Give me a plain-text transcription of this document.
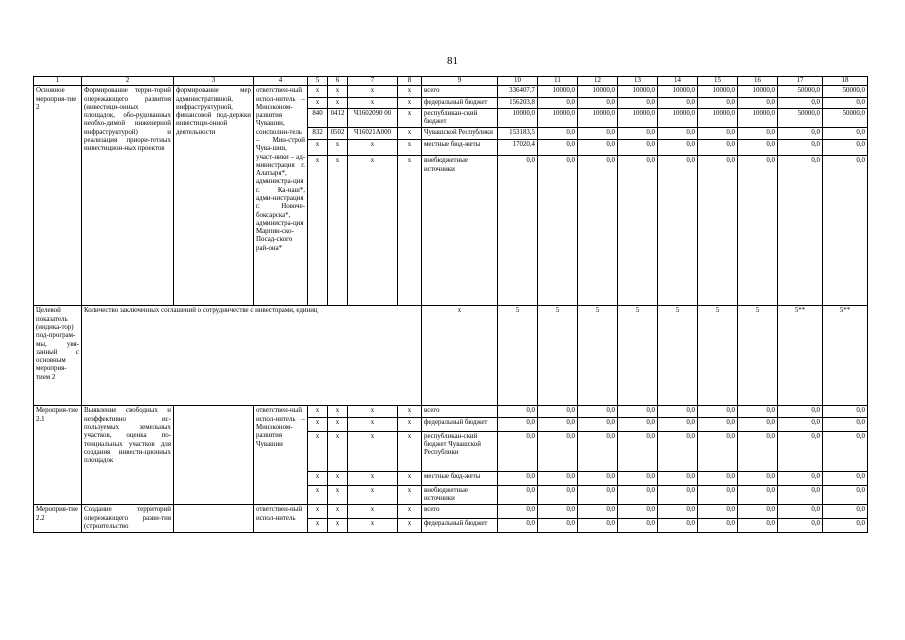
81
1	2	3	4	5	6	7	8	9	10	11	12	13	14	15	16	17	18
Основное мероприя-тие 2	Формирование терри-торий опережающего развития (инвестици-онных площадок, обо-рудованных необхо-димой инженерной инфраструктурой) и реализация приори-тетных инвестицион-ных проектов	формирование мер административной, инфраструктурной, финансовой под-держки инвестици-онной деятельности	ответствен-ный испол-нитель – Минэконом-развития Чувашии, соисполни-тель – Мин-строй Чува-шии, участ-ники – ад-министрация г. Алатыря*, администра-ция г. Ка-наш*, адми-нистрация г. Новоче-боксарска*, администра-ция Марпин-ско-Посад-ского рай-она*	x	x	x	x	всего	336407,7	10000,0	10000,0	10000,0	10000,0	10000,0	10000,0	50000,0	50000,0
				x	x	x	x	федеральный бюджет	156203,8	0,0	0,0	0,0	0,0	0,0	0,0	0,0	0,0
				840	0412	Ч1602090 00	x	республикан-ский бюджет	10000,0	10000,0	10000,0	10000,0	10000,0	10000,0	10000,0	50000,0	50000,0
				832	0502	Ч16021А000	x	Чувашской Республики	153183,5	0,0	0,0	0,0	0,0	0,0	0,0	0,0	0,0
				x	x	x	x	местные бюд-жеты	17020,4	0,0	0,0	0,0	0,0	0,0	0,0	0,0	0,0
				x	x	x	x	внебюджетные источники	0,0	0,0	0,0	0,0	0,0	0,0	0,0	0,0	0,0
Целевой показатель (индика-тор) под-програм-мы, увя-занный с основным мероприя-тием 2	Количество заключенных соглашений о сотрудничестве с инвесторами, единиц							x	5	5	5	5	5	5	5	5**	5**
Мероприя-тие 2.1	Выявление свободных и неэффективно ис-пользуемых земельных участков, оценка по-тенциальных участков для создания инвести-ционных площадок		ответствен-ный испол-нитель – Минэконом-развития Чувашии	x	x	x	x	всего	0,0	0,0	0,0	0,0	0,0	0,0	0,0	0,0	0,0
				x	x	x	x	федеральный бюджет	0,0	0,0	0,0	0,0	0,0	0,0	0,0	0,0	0,0
				x	x	x	x	республикан-ский бюджет Чувашской Республики	0,0	0,0	0,0	0,0	0,0	0,0	0,0	0,0	0,0
				x	x	x	x	местные бюд-жеты	0,0	0,0	0,0	0,0	0,0	0,0	0,0	0,0	0,0
				x	x	x	x	внебюджетные источники	0,0	0,0	0,0	0,0	0,0	0,0	0,0	0,0	0,0
Мероприя-тие 2.2	Создание территорий опережающего разви-тия (строительство		ответствен-ный испол-нитель	x	x	x	x	всего	0,0	0,0	0,0	0,0	0,0	0,0	0,0	0,0	0,0
				x	x	x	x	федеральный бюджет	0,0	0,0	0,0	0,0	0,0	0,0	0,0	0,0	0,0
